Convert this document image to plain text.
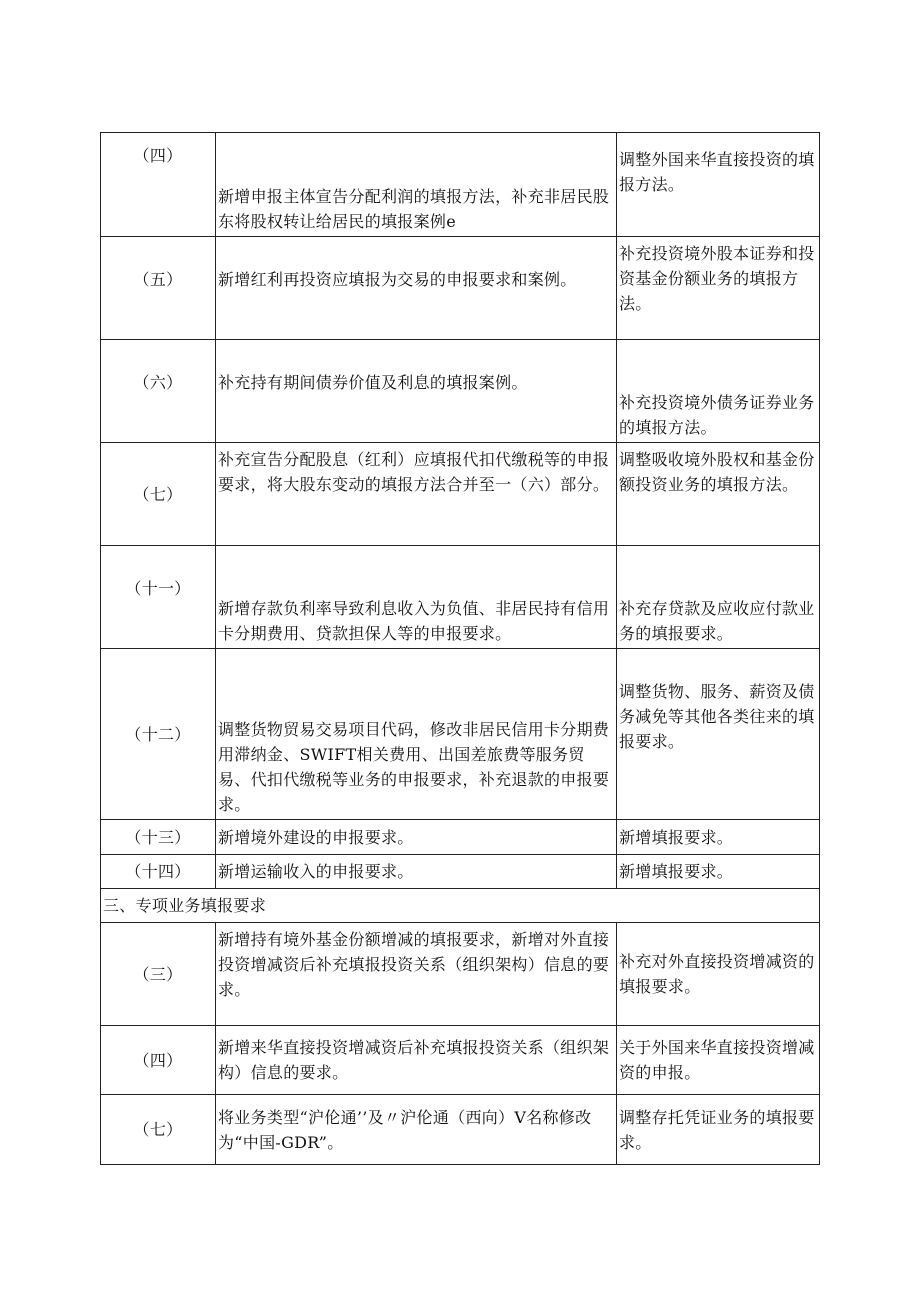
（四）	新增申报主体宣告分配利润的填报方法，补充非居民股东将股权转让给居民的填报案例e	调整外国来华直接投资的填报方法。
（五）	新增红利再投资应填报为交易的申报要求和案例。	补充投资境外股本证券和投资基金份额业务的填报方法。
（六）	补充持有期间债券价值及利息的填报案例。	补充投资境外债务证券业务的填报方法。
（七）	补充宣告分配股息（红利）应填报代扣代缴税等的申报要求，将大股东变动的填报方法合并至一（六）部分。	调整吸收境外股权和基金份额投资业务的填报方法。
（十一）	新增存款负利率导致利息收入为负值、非居民持有信用卡分期费用、贷款担保人等的申报要求。	补充存贷款及应收应付款业务的填报要求。
（十二）	调整货物贸易交易项目代码，修改非居民信用卡分期费用滞纳金、SWIFT相关费用、出国差旅费等服务贸易、代扣代缴税等业务的申报要求，补充退款的申报要求。	调整货物、服务、薪资及债务减免等其他各类往来的填报要求。
（十三）	新增境外建设的申报要求。	新增填报要求。
（十四）	新增运输收入的申报要求。	新增填报要求。
三、专项业务填报要求		
（三）	新增持有境外基金份额增减的填报要求，新增对外直接投资增减资后补充填报投资关系（组织架构）信息的要求。	补充对外直接投资增减资的填报要求。
（四）	新增来华直接投资增减资后补充填报投资关系（组织架构）信息的要求。	关于外国来华直接投资增减资的申报。
（七）	将业务类型“沪伦通’’及〃沪伦通（西向）V名称修改为“中国-GDR”。	调整存托凭证业务的填报要求。
